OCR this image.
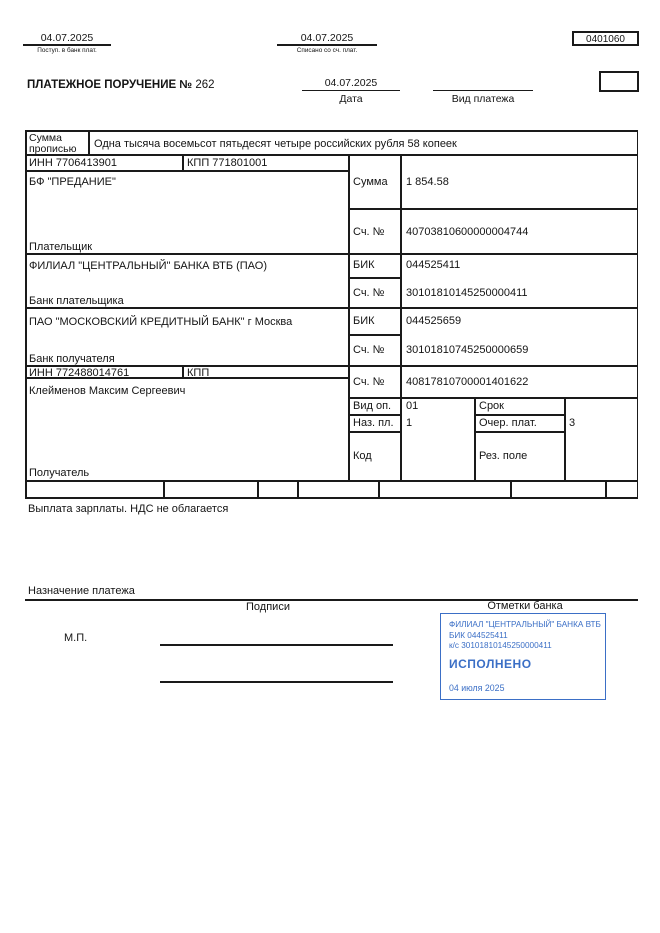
04.07.2025
Поступ. в банк плат.
04.07.2025
Списано со сч. плат.
0401060
ПЛАТЕЖНОЕ ПОРУЧЕНИЕ № 262	04.07.2025
Дата	Вид платежа
Сумма
прописью Одна тысяча восемьсот пятьдесят четыре российских рубля 58 копеек
ИНН 7706413901	КПП 771801001
БФ "ПРЕДАНИЕ"
Плательщик
Сумма 1 854.58
Сч. № 40703810600000004744
ФИЛИАЛ "ЦЕНТРАЛЬНЫЙ" БАНКА ВТБ (ПАО)
Банк плательщика
БИК	044525411
Сч. № 30101810145250000411
ПАО "МОСКОВСКИЙ КРЕДИТНЫЙ БАНК" г Москва
Банк получателя
БИК	044525659
Сч. № 30101810745250000659
ИНН 772488014761	КПП
Клейменов Максим Сергеевич
Получатель
Сч. № 40817810700001401622
Вид оп. 01	Срок
Наз. пл. 1	Очер. плат.	3
Код	Рез. поле
Выплата зарплаты. НДС не облагается
Назначение платежа
Подписи	Отметки банка
М.П.
ФИЛИАЛ "ЦЕНТРАЛЬНЫЙ" БАНКА ВТБ
БИК 044525411
к/с 30101810145250000411
ИСПОЛНЕНО
04 июля 2025
